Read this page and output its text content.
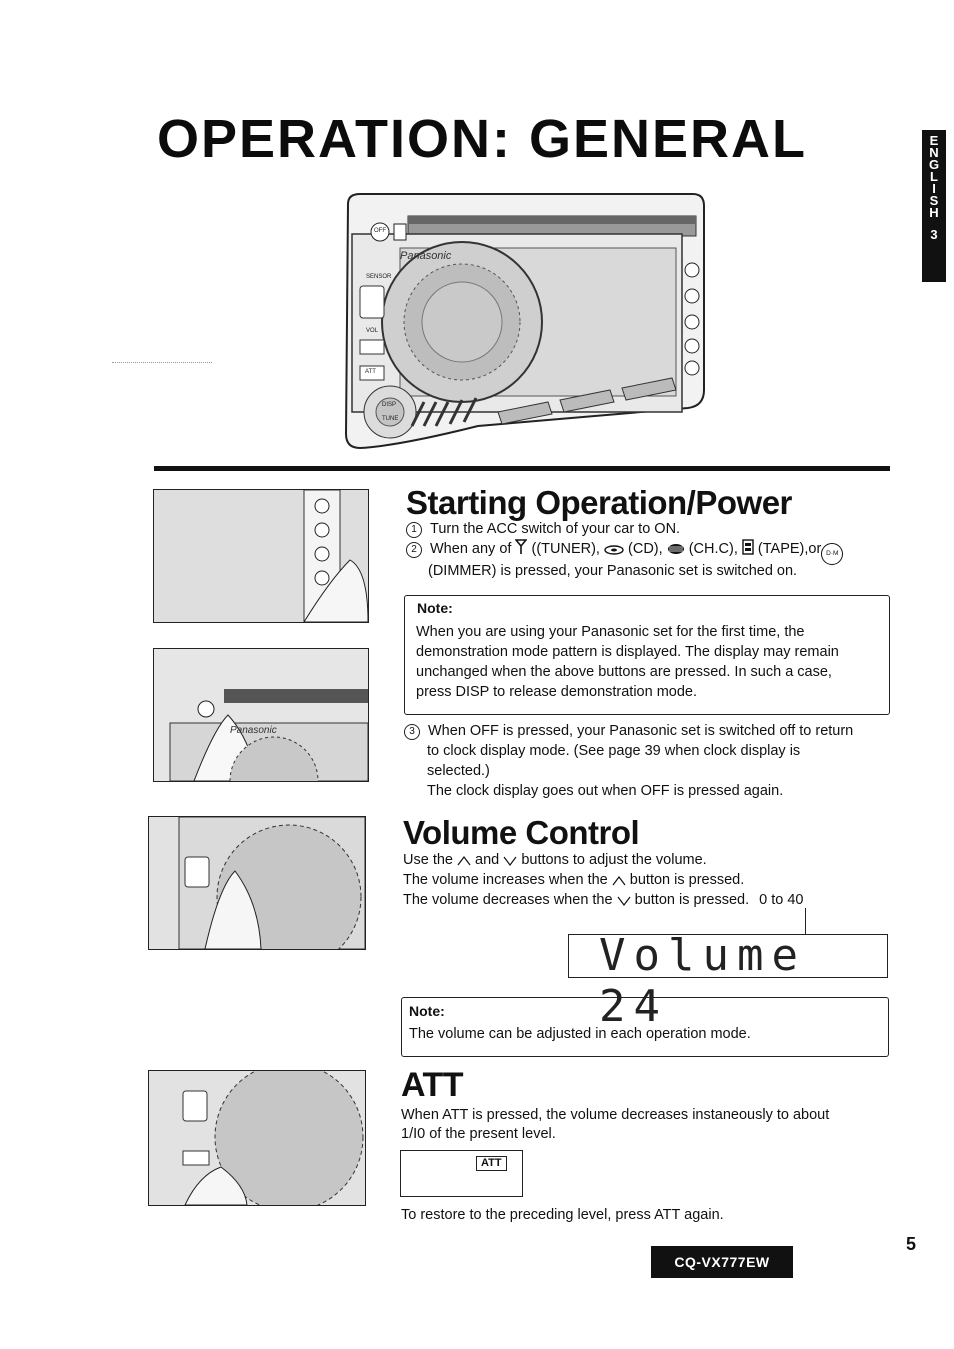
OPERATION: GENERAL	E
N
G
L
I
S
H
3
Panasonic
OFF
SENSOR
VOL
ATT
DISP
TUNE
Panasonic
Starting Operation/Power
1 Turn the ACC switch of your car to ON.
2 When any of ((TUNER), (CD), (CH.C), (TAPE),or D·M
(DIMMER) is pressed, your Panasonic set is switched on.
Note:
When you are using your Panasonic set for the first time, the
demonstration mode pattern is displayed. The display may remain
unchanged when the above buttons are pressed. In such a case,
press DISP to release demonstration mode.
3 When OFF is pressed, your Panasonic set is switched off to return
to clock display mode. (See page 39 when clock display is
selected.)
The clock display goes out when OFF is pressed again.
Volume Control
Use the and buttons to adjust the volume.
The volume increases when the button is pressed.
The volume decreases when the button is pressed. 0 to 40
Volume 24
Note:
The volume can be adjusted in each operation mode.
ATT
When ATT is pressed, the volume decreases instaneously to about
1/I0 of the present level.
ATT
To restore to the preceding level, press ATT again.
5
CQ-VX777EW
